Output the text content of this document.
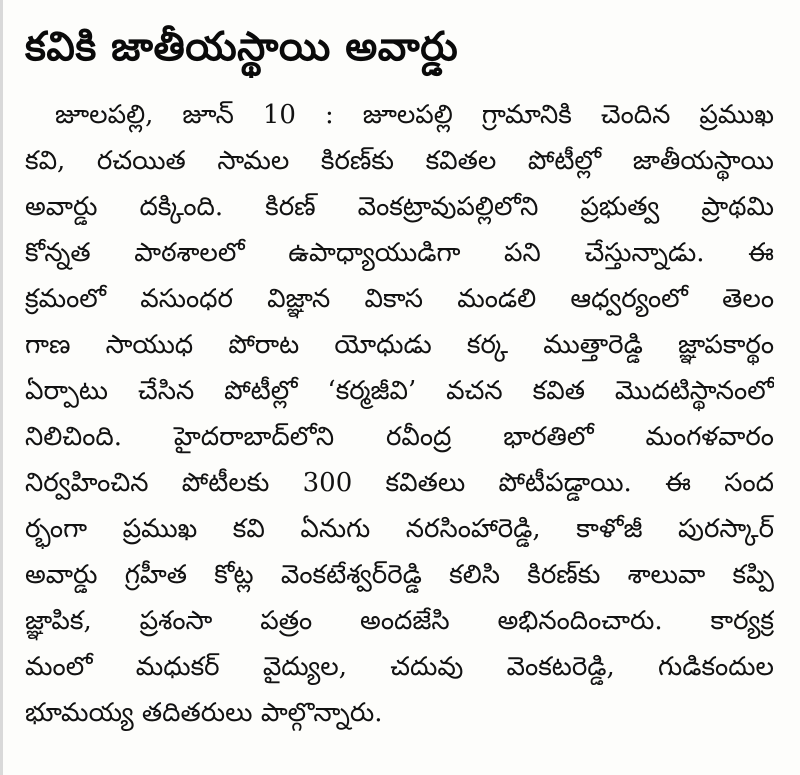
కవికి జాతీయస్థాయి అవార్డు
జూలపల్లి, జూన్ 10 : జూలపల్లి గ్రామానికి చెందిన ప్రముఖ
కవి, రచయిత సామల కిరణ్‌కు కవితల పోటీల్లో జాతీయస్థాయి
అవార్డు దక్కింది. కిరణ్ వెంకట్రావుపల్లిలోని ప్రభుత్వ ప్రాథమి
కోన్నత పాఠశాలలో ఉపాధ్యాయుడిగా పని చేస్తున్నాడు. ఈ
క్రమంలో వసుంధర విజ్ఞాన వికాస మండలి ఆధ్వర్యంలో తెలం
గాణ సాయుధ పోరాట యోధుడు కర్క ముత్తారెడ్డి జ్ఞాపకార్థం
ఏర్పాటు చేసిన పోటీల్లో ‘కర్మజీవి’ వచన కవిత మొదటిస్థానంలో
నిలిచింది. హైదరాబాద్‌లోని రవీంద్ర భారతిలో మంగళవారం
నిర్వహించిన పోటీలకు 300 కవితలు పోటీపడ్డాయి. ఈ సంద
ర్భంగా ప్రముఖ కవి ఏనుగు నరసింహారెడ్డి, కాళోజీ పురస్కార్
అవార్డు గ్రహీత కోట్ల వెంకటేశ్వర్‌రెడ్డి కలిసి కిరణ్‌కు శాలువా కప్పి
జ్ఞాపిక, ప్రశంసా పత్రం అందజేసి అభినందించారు. కార్యక్ర
మంలో మధుకర్ వైద్యుల, చదువు వెంకటరెడ్డి, గుడికందుల
భూమయ్య తదితరులు పాల్గొన్నారు.
